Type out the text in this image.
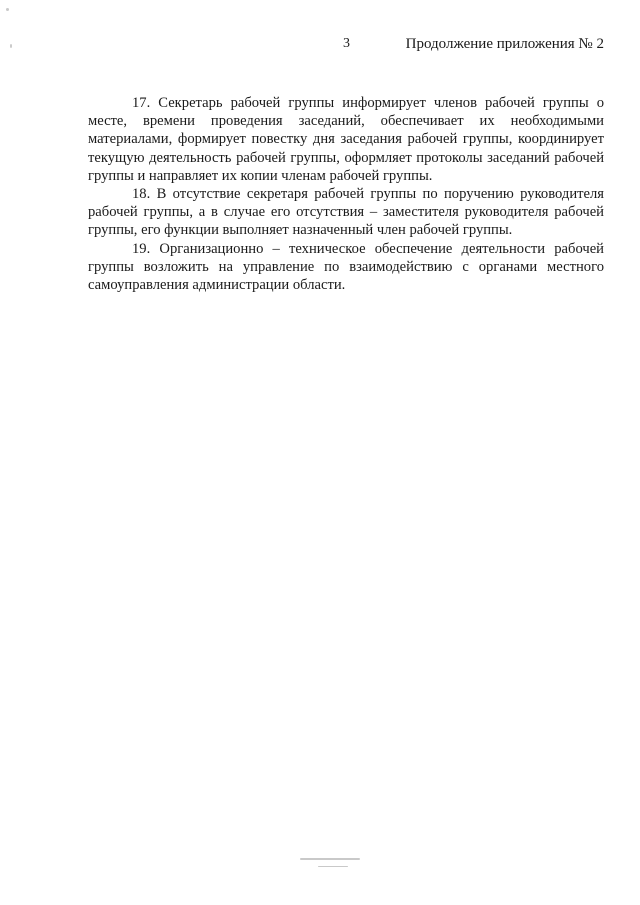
3	Продолжение приложения № 2

17. Секретарь рабочей группы информирует членов рабочей группы о месте, времени проведения заседаний, обеспечивает их необходимыми материалами, формирует повестку дня заседания рабочей группы, координирует текущую деятельность рабочей группы, оформляет протоколы заседаний рабочей группы и направляет их копии членам рабочей группы.

18. В отсутствие секретаря рабочей группы по поручению руководителя рабочей группы, а в случае его отсутствия – заместителя руководителя рабочей группы, его функции выполняет назначенный член рабочей группы.

19. Организационно – техническое обеспечение деятельности рабочей группы возложить на управление по взаимодействию с органами местного самоуправления администрации области.
